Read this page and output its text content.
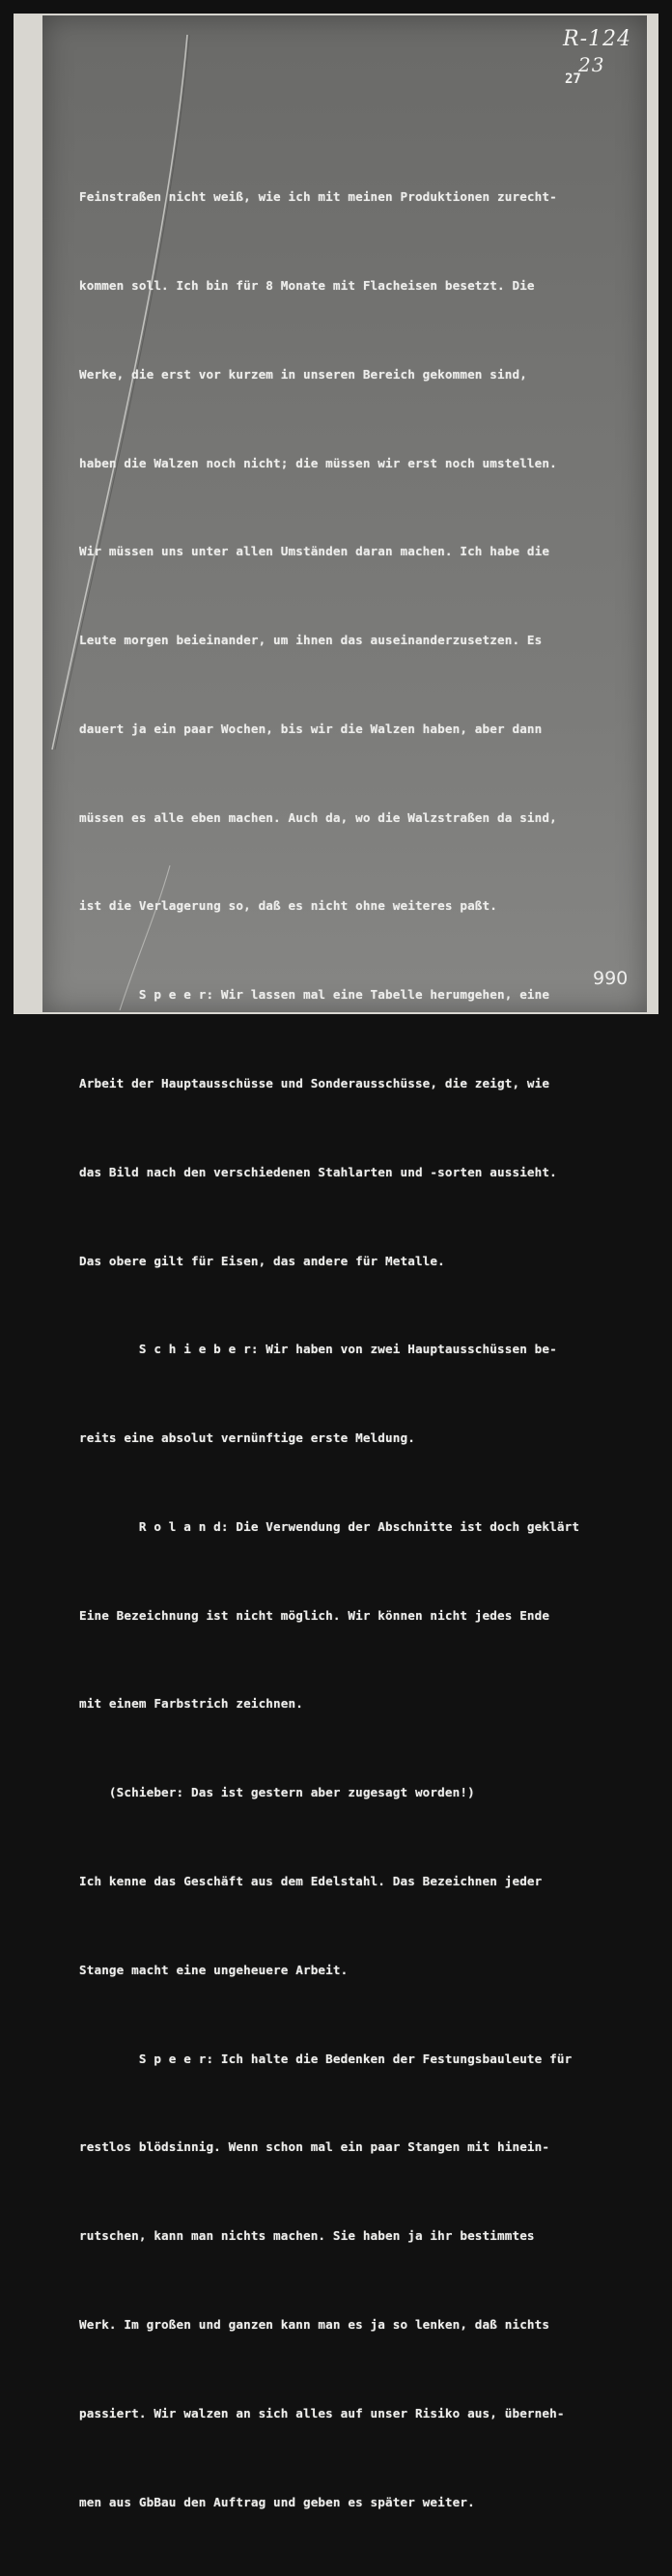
R-124
23
27

Feinstraßen nicht weiß, wie ich mit meinen Produktionen zurecht-

kommen soll. Ich bin für 8 Monate mit Flacheisen besetzt. Die

Werke, die erst vor kurzem in unseren Bereich gekommen sind,

haben die Walzen noch nicht; die müssen wir erst noch umstellen.

Wir müssen uns unter allen Umständen daran machen. Ich habe die

Leute morgen beieinander, um ihnen das auseinanderzusetzen. Es

dauert ja ein paar Wochen, bis wir die Walzen haben, aber dann

müssen es alle eben machen. Auch da, wo die Walzstraßen da sind,

ist die Verlagerung so, daß es nicht ohne weiteres paßt.

S p e e r: Wir lassen mal eine Tabelle herumgehen, eine

Arbeit der Hauptausschüsse und Sonderausschüsse, die zeigt, wie

das Bild nach den verschiedenen Stahlarten und -sorten aussieht.

Das obere gilt für Eisen, das andere für Metalle.

S c h i e b e r: Wir haben von zwei Hauptausschüssen be-

reits eine absolut vernünftige erste Meldung.

R o l a n d: Die Verwendung der Abschnitte ist doch geklärt

Eine Bezeichnung ist nicht möglich. Wir können nicht jedes Ende

mit einem Farbstrich zeichnen.

(Schieber: Das ist gestern aber zugesagt worden!)

Ich kenne das Geschäft aus dem Edelstahl. Das Bezeichnen jeder

Stange macht eine ungeheuere Arbeit.

S p e e r: Ich halte die Bedenken der Festungsbauleute für

restlos blödsinnig. Wenn schon mal ein paar Stangen mit hinein-

rutschen, kann man nichts machen. Sie haben ja ihr bestimmtes

Werk. Im großen und ganzen kann man es ja so lenken, daß nichts

passiert. Wir walzen an sich alles auf unser Risiko aus, überneh-

men aus GbBau den Auftrag und geben es später weiter.

990
